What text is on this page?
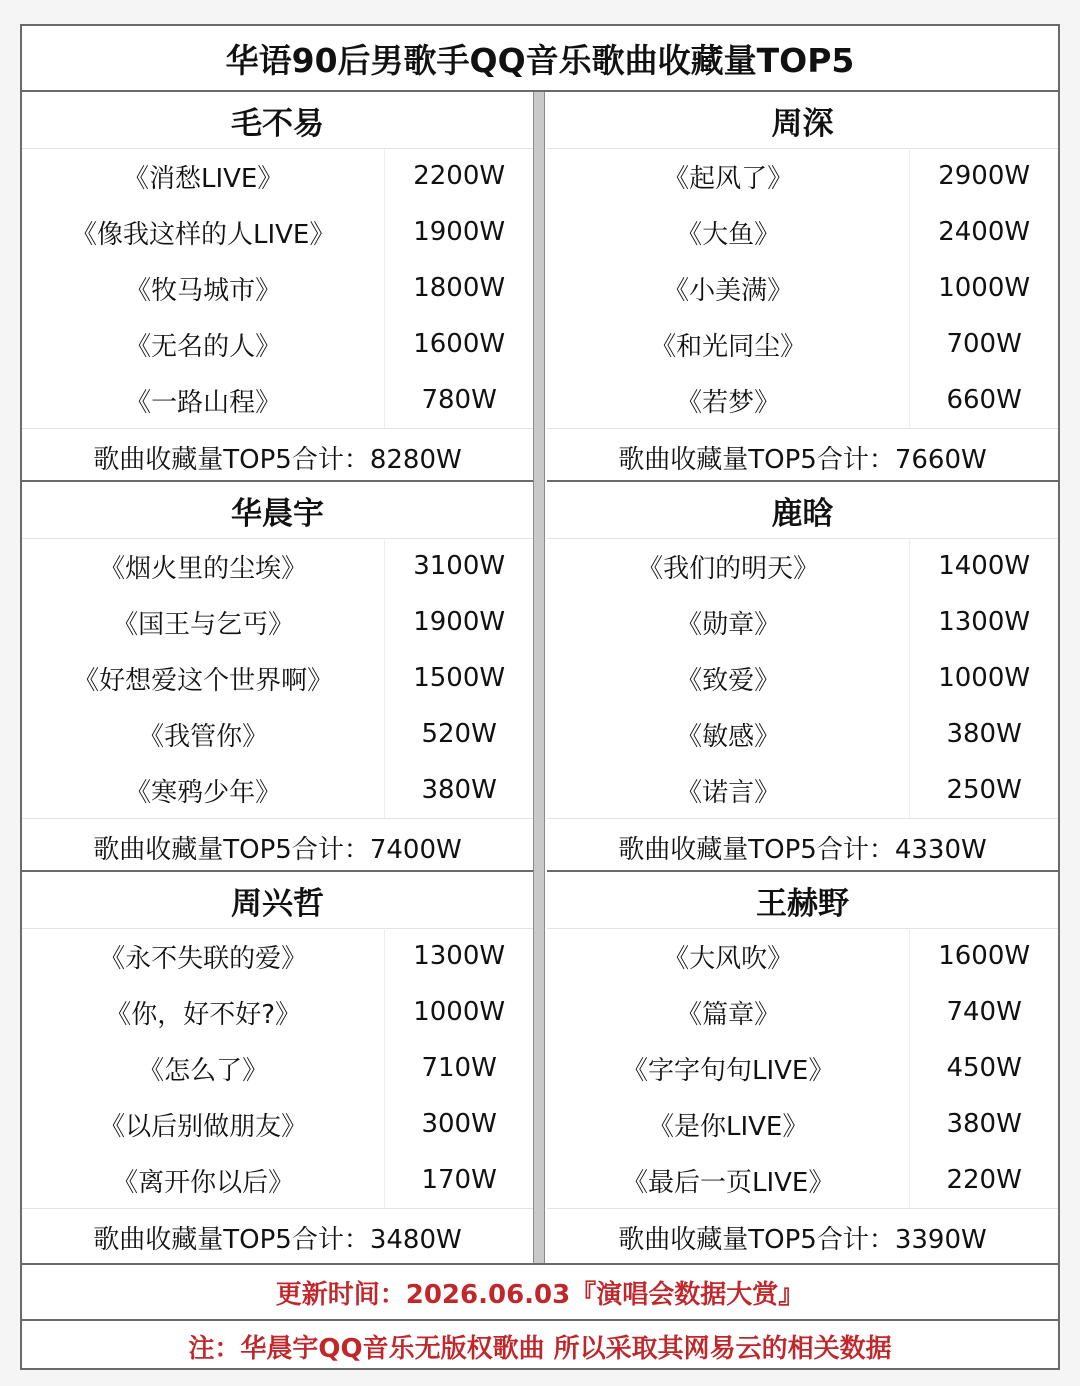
华语90后男歌手QQ音乐歌曲收藏量TOP5
毛不易
《消愁LIVE》	2200W
《像我这样的人LIVE》	1900W
《牧马城市》	1800W
《无名的人》	1600W
《一路山程》	780W
歌曲收藏量TOP5合计：8280W
周深
《起风了》	2900W
《大鱼》	2400W
《小美满》	1000W
《和光同尘》	700W
《若梦》	660W
歌曲收藏量TOP5合计：7660W
华晨宇
《烟火里的尘埃》	3100W
《国王与乞丐》	1900W
《好想爱这个世界啊》	1500W
《我管你》	520W
《寒鸦少年》	380W
歌曲收藏量TOP5合计：7400W
鹿晗
《我们的明天》	1400W
《勋章》	1300W
《致爱》	1000W
《敏感》	380W
《诺言》	250W
歌曲收藏量TOP5合计：4330W
周兴哲
《永不失联的爱》	1300W
《你，好不好?》	1000W
《怎么了》	710W
《以后别做朋友》	300W
《离开你以后》	170W
歌曲收藏量TOP5合计：3480W
王赫野
《大风吹》	1600W
《篇章》	740W
《字字句句LIVE》	450W
《是你LIVE》	380W
《最后一页LIVE》	220W
歌曲收藏量TOP5合计：3390W
更新时间：2026.06.03『演唱会数据大赏』
注：华晨宇QQ音乐无版权歌曲 所以采取其网易云的相关数据
